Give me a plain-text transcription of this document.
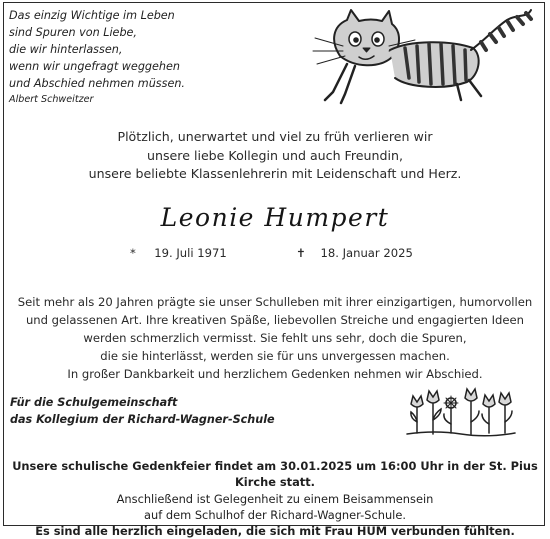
Das einzig Wichtige im Leben
sind Spuren von Liebe,
die wir hinterlassen,
wenn wir ungefragt weggehen
und Abschied nehmen müssen.
Albert Schweitzer
Plötzlich, unerwartet und viel zu früh verlieren wir
unsere liebe Kollegin und auch Freundin,
unsere beliebte Klassenlehrerin mit Leidenschaft und Herz.
Leonie Humpert
* 19. Juli 1971	✝ 18. Januar 2025
Seit mehr als 20 Jahren prägte sie unser Schulleben mit ihrer einzigartigen, humorvollen
und gelassenen Art. Ihre kreativen Späße, liebevollen Streiche und engagierten Ideen
werden schmerzlich vermisst. Sie fehlt uns sehr, doch die Spuren,
die sie hinterlässt, werden sie für uns unvergessen machen.
In großer Dankbarkeit und herzlichem Gedenken nehmen wir Abschied.
Für die Schulgemeinschaft
das Kollegium der Richard-Wagner-Schule
Unsere schulische Gedenkfeier findet am 30.01.2025 um 16:00 Uhr in der St. Pius Kirche statt.
Anschließend ist Gelegenheit zu einem Beisammensein
auf dem Schulhof der Richard-Wagner-Schule.
Es sind alle herzlich eingeladen, die sich mit Frau HUM verbunden fühlten.
